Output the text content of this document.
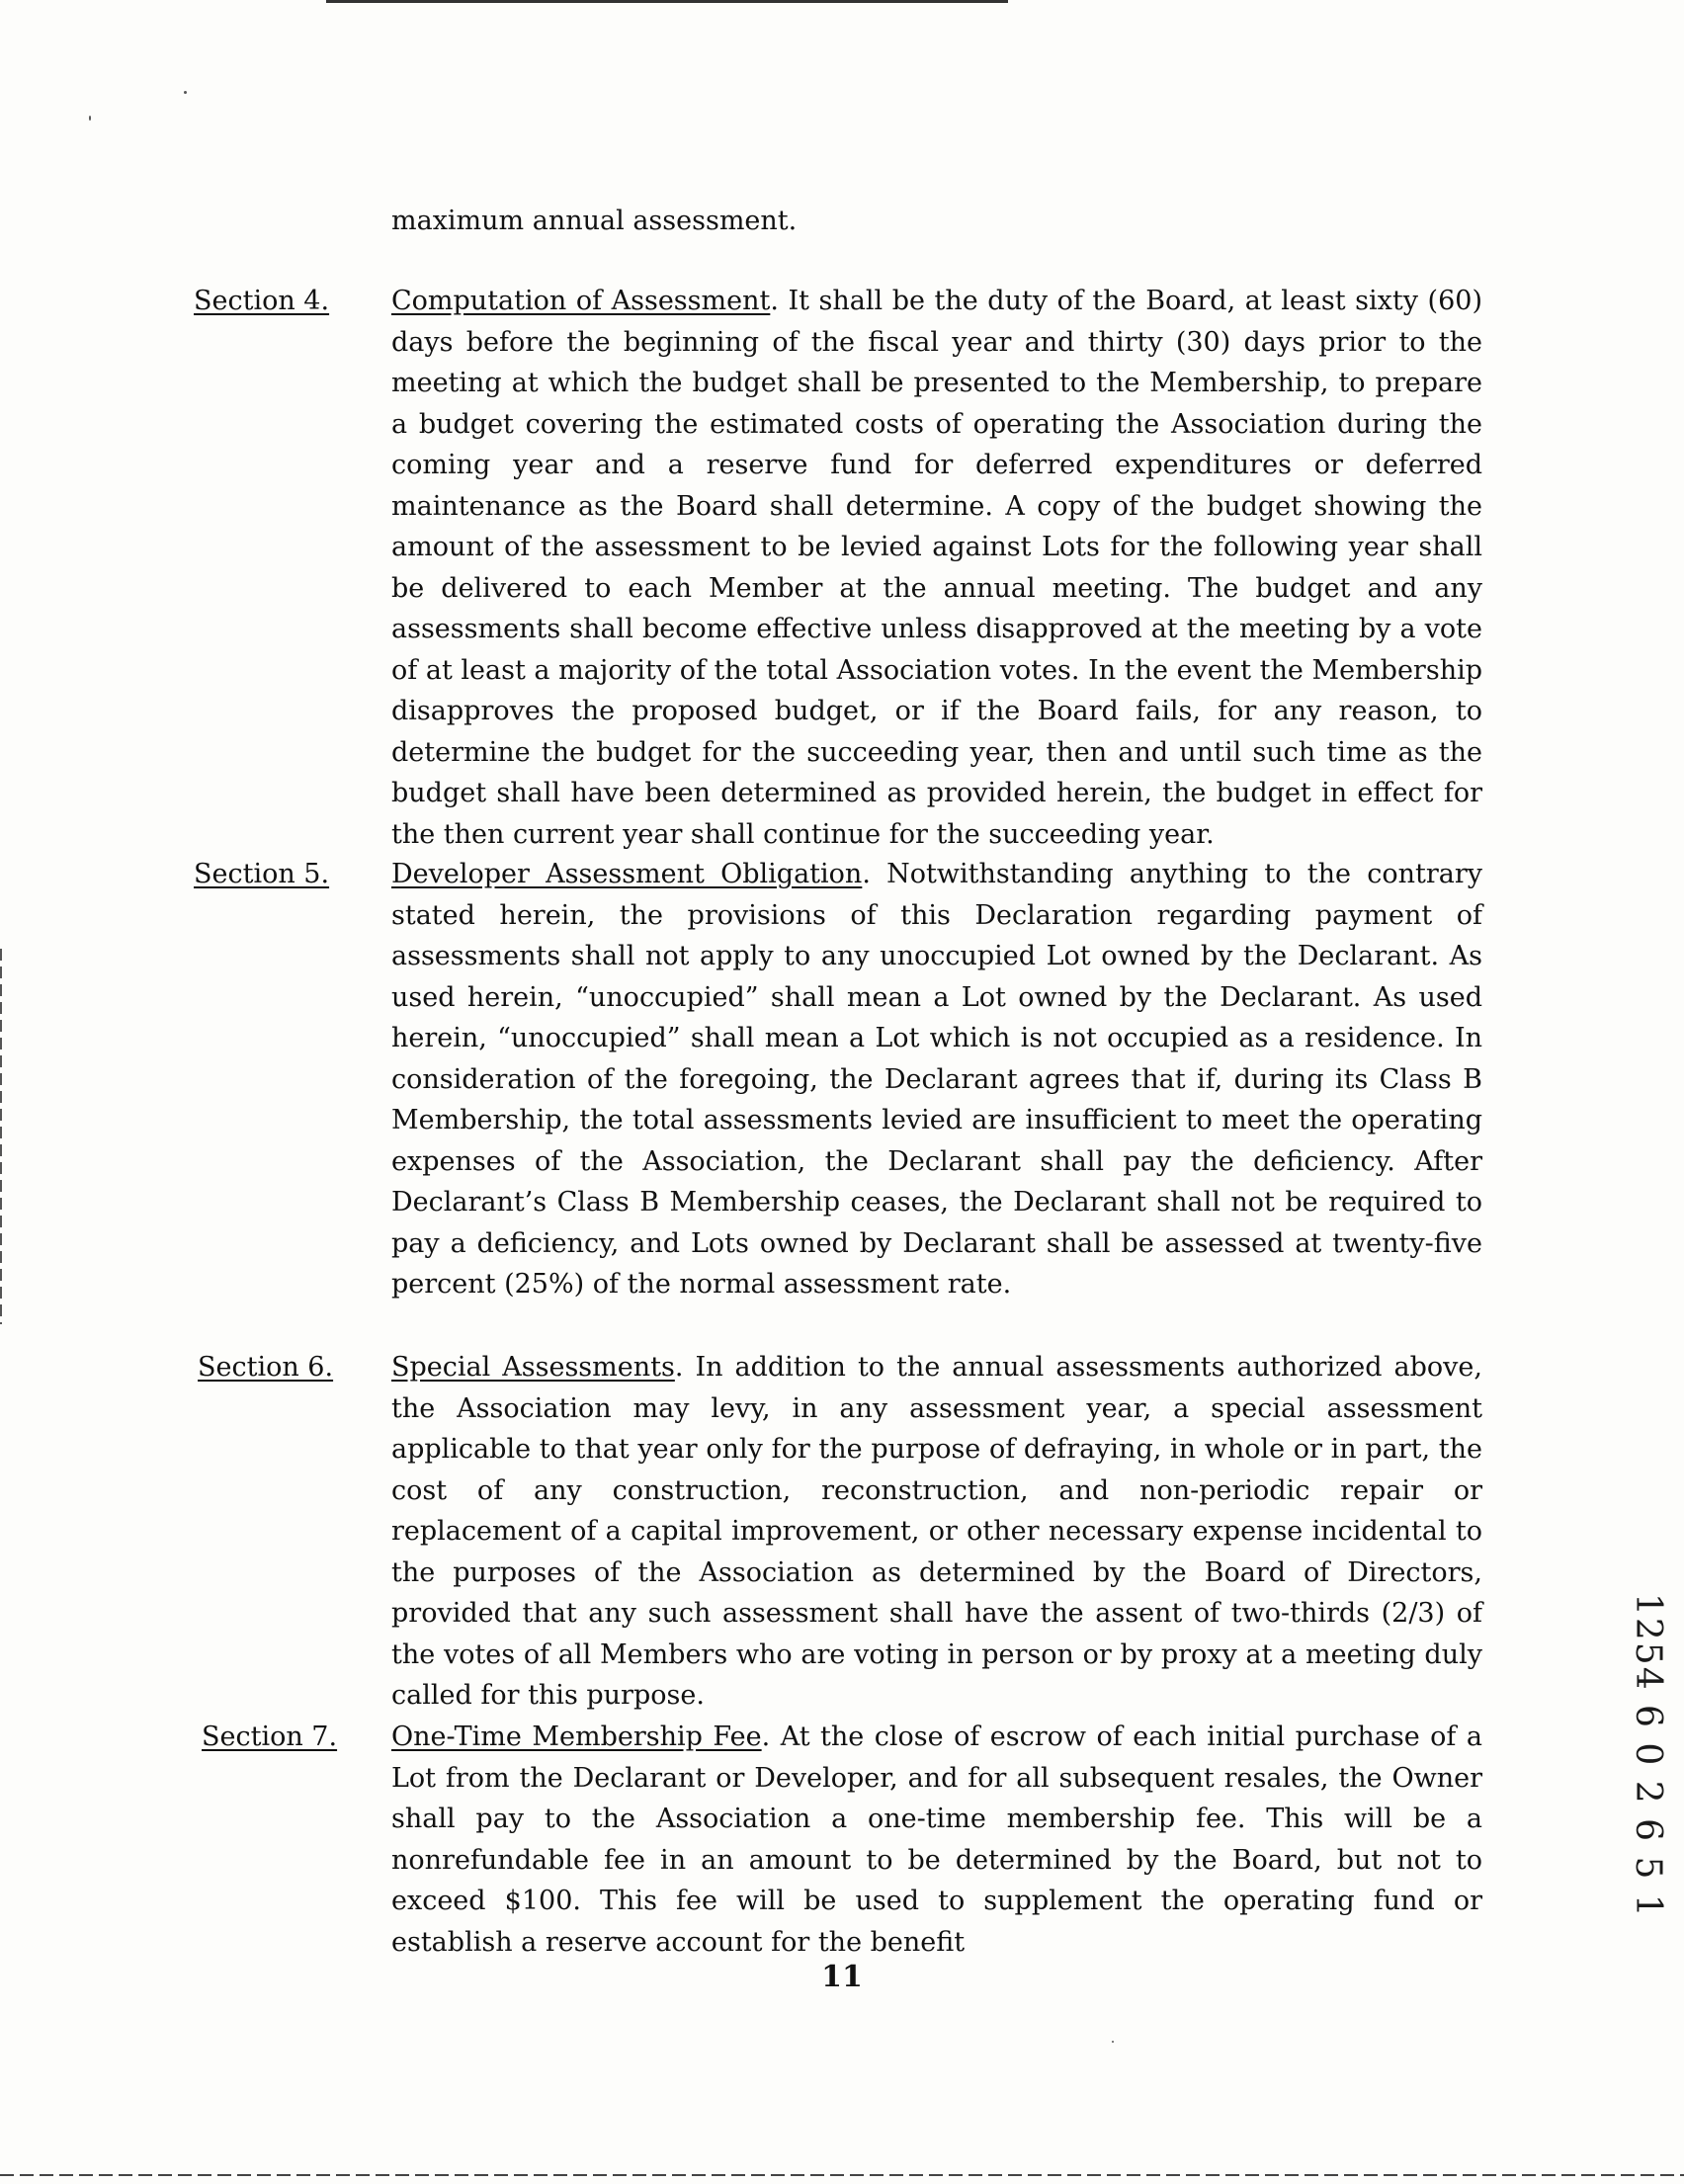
maximum annual assessment.

Section 4. Computation of Assessment. It shall be the duty of the Board, at least sixty (60) days before the beginning of the fiscal year and thirty (30) days prior to the meeting at which the budget shall be presented to the Membership, to prepare a budget covering the estimated costs of operating the Association during the coming year and a reserve fund for deferred expenditures or deferred maintenance as the Board shall determine. A copy of the budget showing the amount of the assessment to be levied against Lots for the following year shall be delivered to each Member at the annual meeting. The budget and any assessments shall become effective unless disapproved at the meeting by a vote of at least a majority of the total Association votes. In the event the Membership disapproves the proposed budget, or if the Board fails, for any reason, to determine the budget for the succeeding year, then and until such time as the budget shall have been determined as provided herein, the budget in effect for the then current year shall continue for the succeeding year.

Section 5. Developer Assessment Obligation. Notwithstanding anything to the contrary stated herein, the provisions of this Declaration regarding payment of assessments shall not apply to any unoccupied Lot owned by the Declarant. As used herein, “unoccupied” shall mean a Lot owned by the Declarant. As used herein, “unoccupied” shall mean a Lot which is not occupied as a residence. In consideration of the foregoing, the Declarant agrees that if, during its Class B Membership, the total assessments levied are insufficient to meet the operating expenses of the Association, the Declarant shall pay the deficiency. After Declarant’s Class B Membership ceases, the Declarant shall not be required to pay a deficiency, and Lots owned by Declarant shall be assessed at twenty-five percent (25%) of the normal assessment rate.

Section 6. Special Assessments. In addition to the annual assessments authorized above, the Association may levy, in any assessment year, a special assessment applicable to that year only for the purpose of defraying, in whole or in part, the cost of any construction, reconstruction, and non-periodic repair or replacement of a capital improvement, or other necessary expense incidental to the purposes of the Association as determined by the Board of Directors, provided that any such assessment shall have the assent of two-thirds (2/3) of the votes of all Members who are voting in person or by proxy at a meeting duly called for this purpose.

Section 7. One-Time Membership Fee. At the close of escrow of each initial purchase of a Lot from the Declarant or Developer, and for all subsequent resales, the Owner shall pay to the Association a one-time membership fee. This will be a nonrefundable fee in an amount to be determined by the Board, but not to exceed $100. This fee will be used to supplement the operating fund or establish a reserve account for the benefit

11

1254 6 0 2 6 5 1
